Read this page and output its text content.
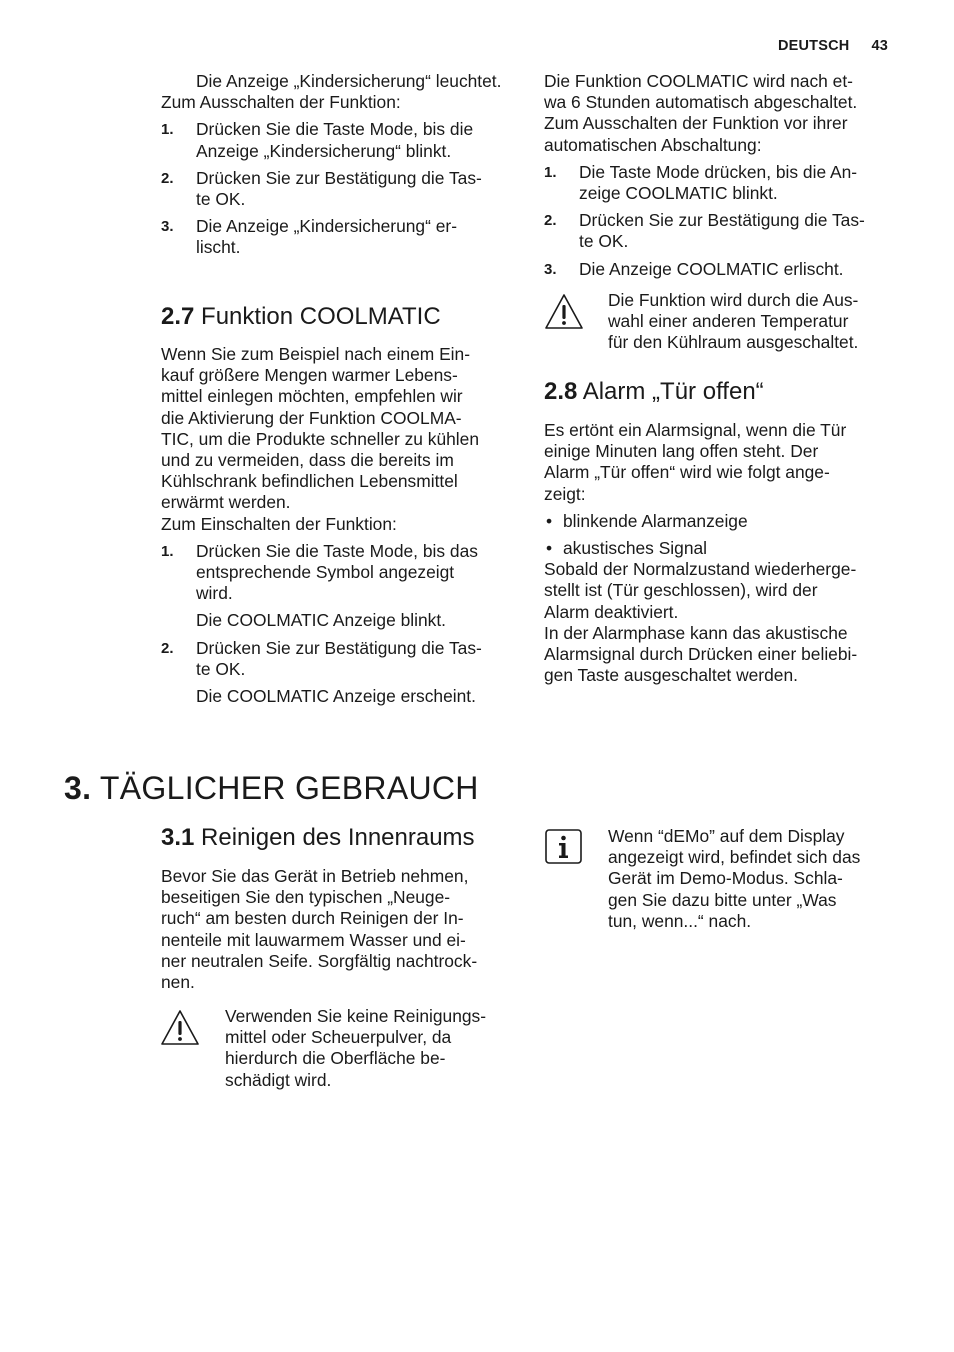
DEUTSCH 43
Die Anzeige „Kindersicherung“ leuchtet.
Zum Ausschalten der Funktion:
1. Drücken Sie die Taste Mode, bis die
Anzeige „Kindersicherung“ blinkt.
2. Drücken Sie zur Bestätigung die Tas-
te OK.
3. Die Anzeige „Kindersicherung“ er-
lischt.
2.7 Funktion COOLMATIC
Wenn Sie zum Beispiel nach einem Ein-
kauf größere Mengen warmer Lebens-
mittel einlegen möchten, empfehlen wir
die Aktivierung der Funktion COOLMA-
TIC, um die Produkte schneller zu kühlen
und zu vermeiden, dass die bereits im
Kühlschrank befindlichen Lebensmittel
erwärmt werden.
Zum Einschalten der Funktion:
1. Drücken Sie die Taste Mode, bis das
entsprechende Symbol angezeigt
wird.
Die COOLMATIC Anzeige blinkt.
2. Drücken Sie zur Bestätigung die Tas-
te OK.
Die COOLMATIC Anzeige erscheint.
Die Funktion COOLMATIC wird nach et-
wa 6 Stunden automatisch abgeschaltet.
Zum Ausschalten der Funktion vor ihrer
automatischen Abschaltung:
1. Die Taste Mode drücken, bis die An-
zeige COOLMATIC blinkt.
2. Drücken Sie zur Bestätigung die Tas-
te OK.
3. Die Anzeige COOLMATIC erlischt.
Die Funktion wird durch die Aus-
wahl einer anderen Temperatur
für den Kühlraum ausgeschaltet.
2.8 Alarm „Tür offen“
Es ertönt ein Alarmsignal, wenn die Tür
einige Minuten lang offen steht. Der
Alarm „Tür offen“ wird wie folgt ange-
zeigt:
• blinkende Alarmanzeige
• akustisches Signal
Sobald der Normalzustand wiederherge-
stellt ist (Tür geschlossen), wird der
Alarm deaktiviert.
In der Alarmphase kann das akustische
Alarmsignal durch Drücken einer beliebi-
gen Taste ausgeschaltet werden.
3. TÄGLICHER GEBRAUCH
3.1 Reinigen des Innenraums
Bevor Sie das Gerät in Betrieb nehmen,
beseitigen Sie den typischen „Neuge-
ruch“ am besten durch Reinigen der In-
nenteile mit lauwarmem Wasser und ei-
ner neutralen Seife. Sorgfältig nachtrock-
nen.
Verwenden Sie keine Reinigungs-
mittel oder Scheuerpulver, da
hierdurch die Oberfläche be-
schädigt wird.
Wenn “dEMo” auf dem Display
angezeigt wird, befindet sich das
Gerät im Demo-Modus. Schla-
gen Sie dazu bitte unter „Was
tun, wenn...“ nach.
